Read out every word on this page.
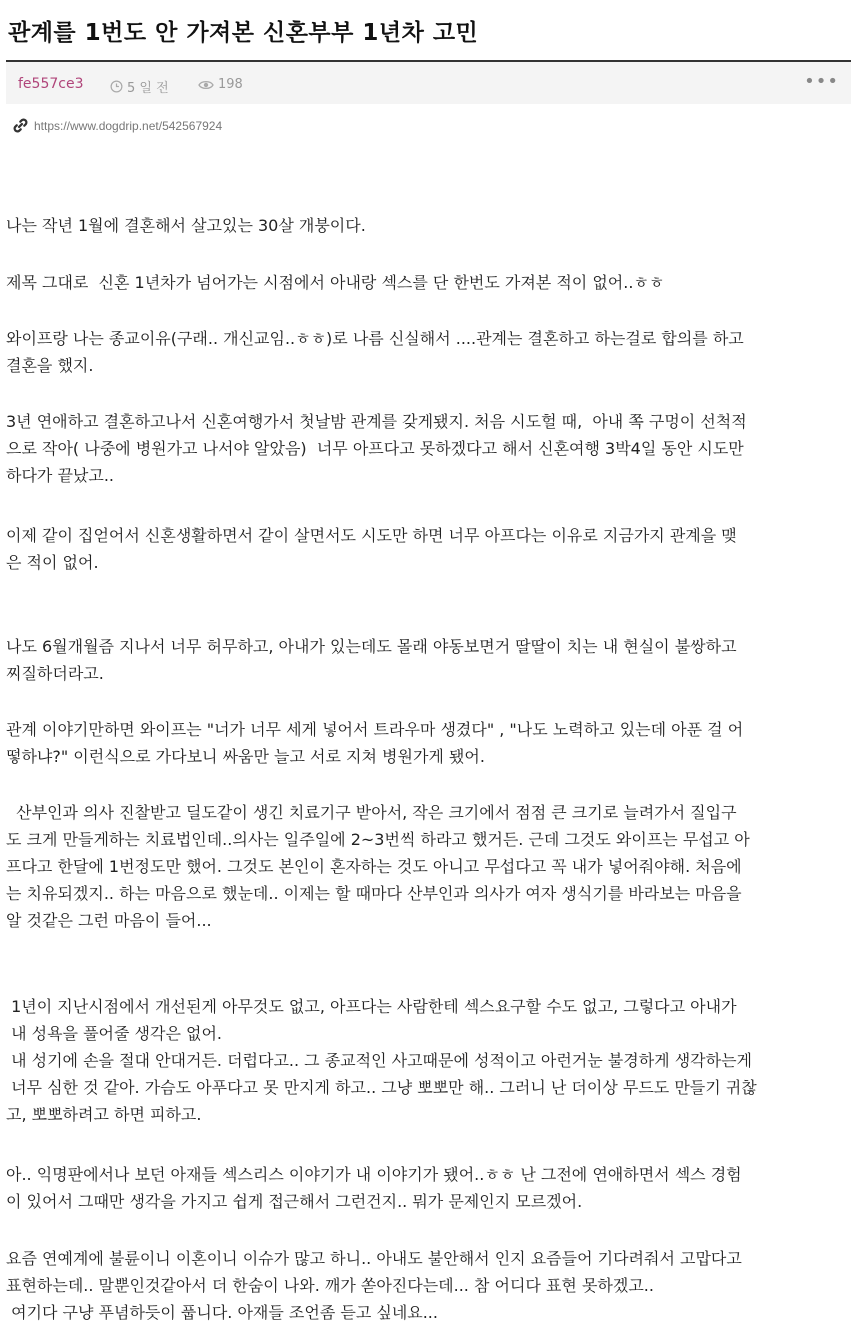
관계를 1번도 안 가져본 신혼부부 1년차 고민
fe557ce3	5 일 전	198	•••
https://www.dogdrip.net/542567924

나는 작년 1월에 결혼해서 살고있는 30살 개붕이다.

제목 그대로  신혼 1년차가 넘어가는 시점에서 아내랑 섹스를 단 한번도 가져본 적이 없어..ㅎㅎ

와이프랑 나는 종교이유(구래.. 개신교임..ㅎㅎ)로 나름 신실해서 ....관계는 결혼하고 하는걸로 합의를 하고
결혼을 했지.

3년 연애하고 결혼하고나서 신혼여행가서 첫날밤 관계를 갖게됐지. 처음 시도헐 때,  아내 쪽 구멍이 선척적
으로 작아( 나중에 병원가고 나서야 알았음)  너무 아프다고 못하겠다고 해서 신혼여행 3박4일 동안 시도만
하다가 끝났고..

이제 같이 집얻어서 신혼생활하면서 같이 살면서도 시도만 하면 너무 아프다는 이유로 지금가지 관계을 맺
은 적이 없어.

나도 6월개월즘 지나서 너무 허무하고, 아내가 있는데도 몰래 야동보면거 딸딸이 치는 내 현실이 불쌍하고
찌질하더라고.

관계 이야기만하면 와이프는 "너가 너무 세게 넣어서 트라우마 생겼다" , "나도 노력하고 있는데 아푼 걸 어
떻하냐?" 이런식으로 가다보니 싸움만 늘고 서로 지쳐 병원가게 됐어.

산부인과 의사 진찰받고 딜도같이 생긴 치료기구 받아서, 작은 크기에서 점점 큰 크기로 늘려가서 질입구
도 크게 만들게하는 치료법인데..의사는 일주일에 2~3번씩 하라고 했거든. 근데 그것도 와이프는 무섭고 아
프다고 한달에 1번정도만 했어. 그것도 본인이 혼자하는 것도 아니고 무섭다고 꼭 내가 넣어줘야해. 처음에
는 치유되겠지.. 하는 마음으로 했눈데.. 이제는 할 때마다 산부인과 의사가 여자 생식기를 바라보는 마음을
알 것같은 그런 마음이 들어...

1년이 지난시점에서 개선된게 아무것도 없고, 아프다는 사람한테 섹스요구할 수도 없고, 그렇다고 아내가
내 성욕을 풀어줄 생각은 없어.
내 성기에 손을 절대 안대거든. 더럽다고.. 그 종교적인 사고때문에 성적이고 아런거눈 불경하게 생각하는게
너무 심한 것 같아. 가슴도 아푸다고 못 만지게 하고.. 그냥 뽀뽀만 해.. 그러니 난 더이상 무드도 만들기 귀찮
고, 뽀뽀하려고 하면 피하고.

아.. 익명판에서나 보던 아재들 섹스리스 이야기가 내 이야기가 됐어..ㅎㅎ 난 그전에 연애하면서 섹스 경험
이 있어서 그때만 생각을 가지고 쉽게 접근해서 그런건지.. 뭐가 문제인지 모르겠어.

요즘 연예계에 불륜이니 이혼이니 이슈가 많고 하니.. 아내도 불안해서 인지 요즘들어 기다려줘서 고맙다고
표현하는데.. 말뿐인것같아서 더 한숨이 나와. 깨가 쏟아진다는데... 참 어디다 표현 못하겠고..
여기다 구냥 푸념하듯이 풉니다. 아재들 조언좀 듣고 싶네요...
